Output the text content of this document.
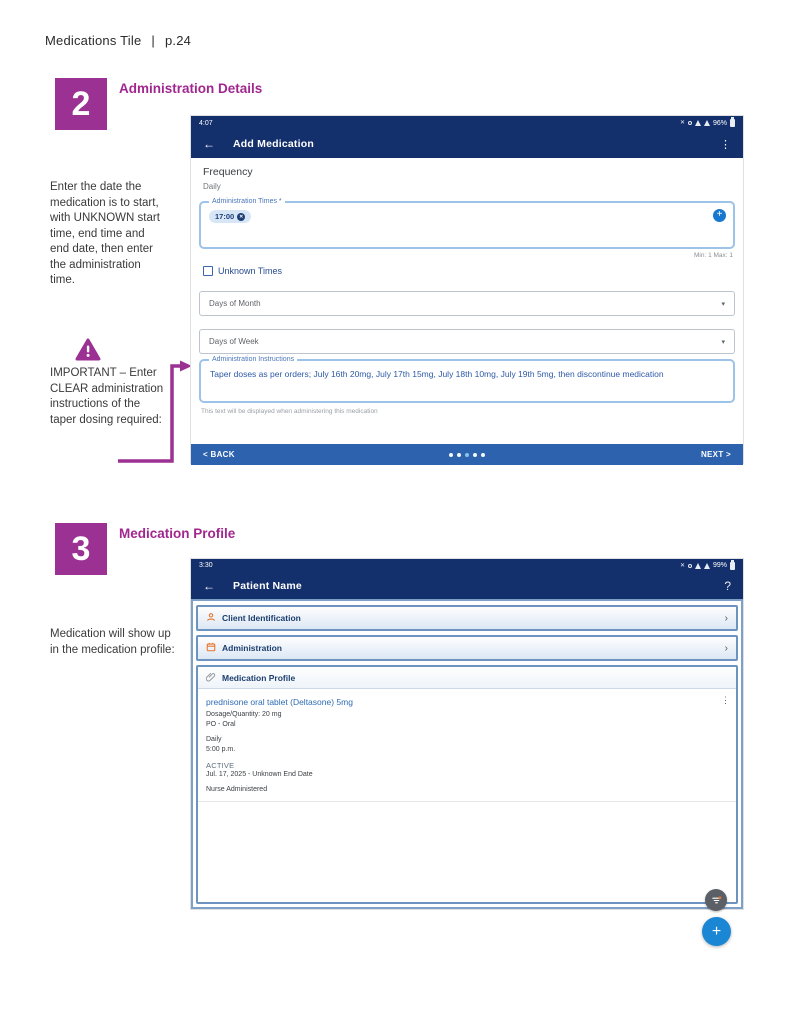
Medications Tile | p.24
2	Administration Details
Enter the date the medication is to start, with UNKNOWN start time, end time and end date, then enter the administration time.
IMPORTANT – Enter CLEAR administration instructions of the taper dosing required:
4:07	✕	96%
← Add Medication	⋮
Frequency
Daily
Administration Times *
17:00 ✕	+
Min: 1 Max: 1
Unknown Times
Days of Month	▾
Days of Week	▾
Administration Instructions
Taper doses as per orders; July 16th 20mg, July 17th 15mg, July 18th 10mg, July 19th 5mg, then discontinue medication
This text will be displayed when administering this medication
< BACK	NEXT >
3	Medication Profile
Medication will show up in the medication profile:
3:30	✕	99%
← Patient Name	?
Client Identification	›
Administration	›
Medication Profile
prednisone oral tablet (Deltasone) 5mg
Dosage/Quantity: 20 mg
PO - Oral
Daily
5:00 p.m.
ACTIVE
Jul. 17, 2025 - Unknown End Date
Nurse Administered
⋮
+
